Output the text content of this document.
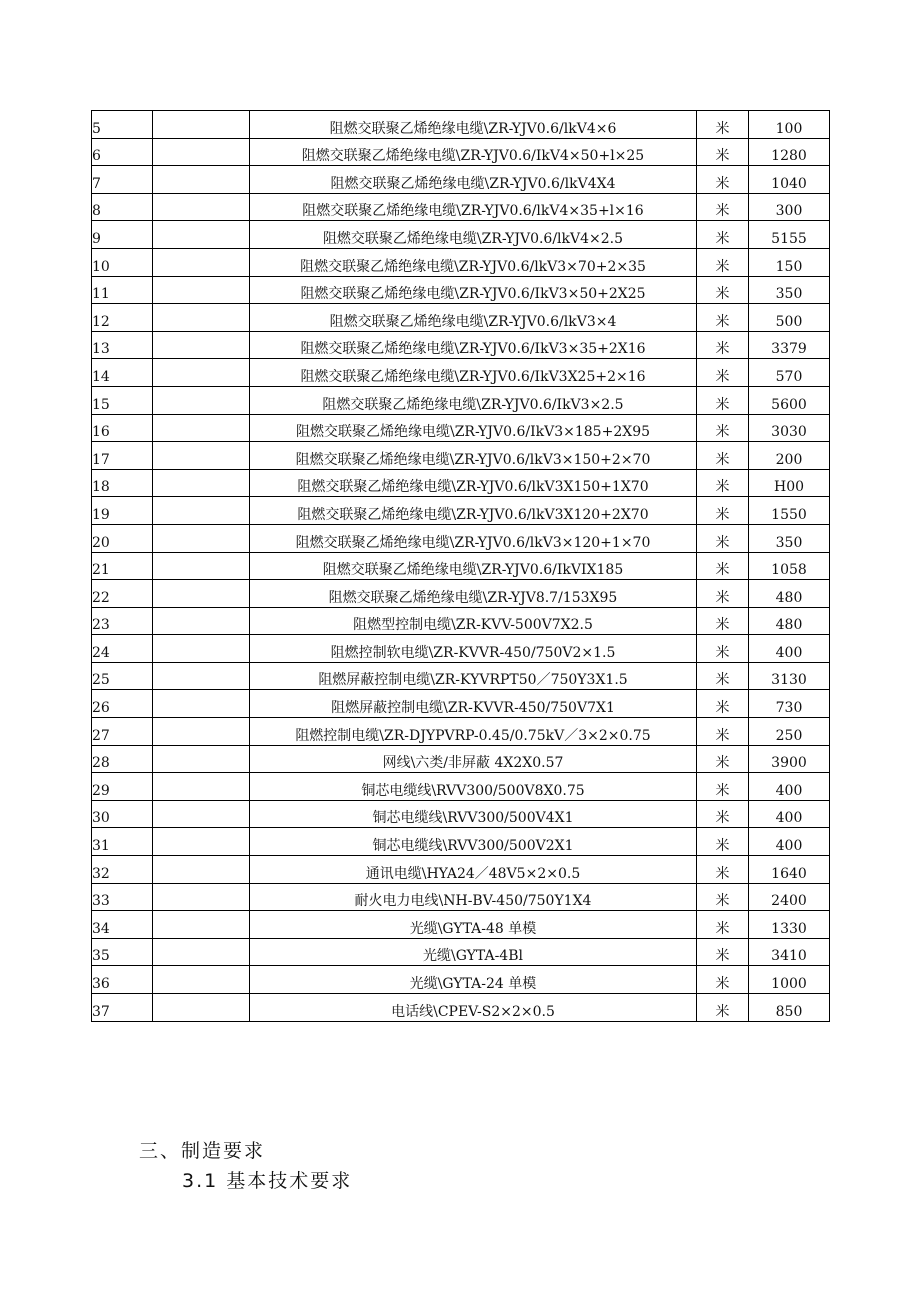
5		阻燃交联聚乙烯绝缘电缆\ZR-YJV0.6/lkV4×6	米	100
6		阻燃交联聚乙烯绝缘电缆\ZR-YJV0.6/IkV4×50+l×25	米	1280
7		阻燃交联聚乙烯绝缘电缆\ZR-YJV0.6/lkV4X4	米	1040
8		阻燃交联聚乙烯绝缘电缆\ZR-YJV0.6/lkV4×35+l×16	米	300
9		阻燃交联聚乙烯绝缘电缆\ZR-YJV0.6/lkV4×2.5	米	5155
10		阻燃交联聚乙烯绝缘电缆\ZR-YJV0.6/lkV3×70+2×35	米	150
11		阻燃交联聚乙烯绝缘电缆\ZR-YJV0.6/IkV3×50+2X25	米	350
12		阻燃交联聚乙烯绝缘电缆\ZR-YJV0.6/lkV3×4	米	500
13		阻燃交联聚乙烯绝缘电缆\ZR-YJV0.6/IkV3×35+2X16	米	3379
14		阻燃交联聚乙烯绝缘电缆\ZR-YJV0.6/IkV3X25+2×16	米	570
15		阻燃交联聚乙烯绝缘电缆\ZR-YJV0.6/IkV3×2.5	米	5600
16		阻燃交联聚乙烯绝缘电缆\ZR-YJV0.6/IkV3×185+2X95	米	3030
17		阻燃交联聚乙烯绝缘电缆\ZR-YJV0.6/lkV3×150+2×70	米	200
18		阻燃交联聚乙烯绝缘电缆\ZR-YJV0.6/lkV3X150+1X70	米	H00
19		阻燃交联聚乙烯绝缘电缆\ZR-YJV0.6/lkV3X120+2X70	米	1550
20		阻燃交联聚乙烯绝缘电缆\ZR-YJV0.6/lkV3×120+1×70	米	350
21		阻燃交联聚乙烯绝缘电缆\ZR-YJV0.6/IkVIX185	米	1058
22		阻燃交联聚乙烯绝缘电缆\ZR-YJV8.7/153X95	米	480
23		阻燃型控制电缆\ZR-KVV-500V7X2.5	米	480
24		阻燃控制软电缆\ZR-KVVR-450/750V2×1.5	米	400
25		阻燃屏蔽控制电缆\ZR-KYVRPT50／750Y3X1.5	米	3130
26		阻燃屏蔽控制电缆\ZR-KVVR-450/750V7X1	米	730
27		阻燃控制电缆\ZR-DJYPVRP-0.45/0.75kV／3×2×0.75	米	250
28		网线\六类/非屏蔽 4X2X0.57	米	3900
29		铜芯电缆线\RVV300/500V8X0.75	米	400
30		铜芯电缆线\RVV300/500V4X1	米	400
31		铜芯电缆线\RVV300/500V2X1	米	400
32		通讯电缆\HYA24／48V5×2×0.5	米	1640
33		耐火电力电线\NH-BV-450/750Y1X4	米	2400
34		光缆\GYTA-48 单模	米	1330
35		光缆\GYTA-4Bl	米	3410
36		光缆\GYTA-24 单模	米	1000
37		电话线\CPEV-S2×2×0.5	米	850
三、制造要求
3.1 基本技术要求
